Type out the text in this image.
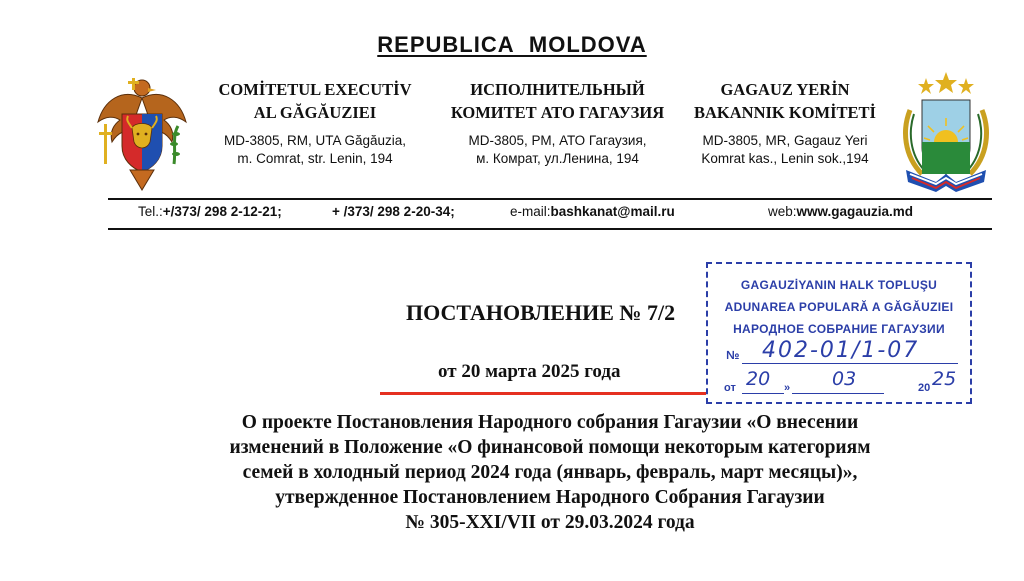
REPUBLICA MOLDOVA
COMİTETUL EXECUTİV
AL GĂGĂUZIEI
MD-3805, RM, UTA Găgăuzia,
m. Comrat, str. Lenin, 194
ИСПОЛНИТЕЛЬНЫЙ
КОМИТЕТ АТО ГАГАУЗИЯ
MD-3805, РМ, АТО Гагаузия,
м. Комрат, ул.Ленина, 194
GAGAUZ YERİN
BAKANNIK KOMİTETİ
MD-3805, MR, Gagauz Yeri
Komrat kas., Lenin sok.,194
Tel.:+/373/ 298 2-12-21;	+ /373/ 298 2-20-34;	e-mail:bashkanat@mail.ru	web:www.gagauzia.md
GAGAUZİYANIN HALK TOPLUŞU
ADUNAREA POPULARĂ A GĂGĂUZIEI
НАРОДНОЕ СОБРАНИЕ ГАГАУЗИИ
№ 402-01/1-07
от 20 » 03	20 25
ПОСТАНОВЛЕНИЕ № 7/2
от 20 марта 2025 года
О проекте Постановления Народного собрания Гагаузии «О внесении
изменений в Положение «О финансовой помощи некоторым категориям
семей в холодный период 2024 года (январь, февраль, март месяцы)»,
утвержденное Постановлением Народного Собрания Гагаузии
№ 305-XXI/VII от 29.03.2024 года
